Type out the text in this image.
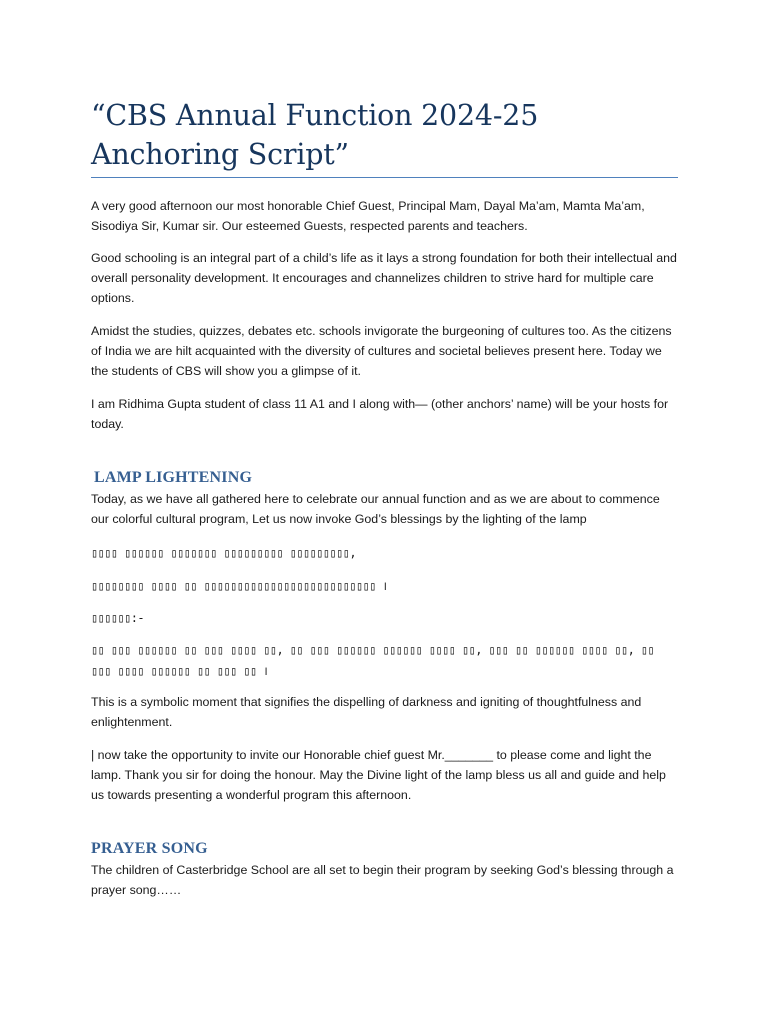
“CBS Annual Function 2024-25
Anchoring Script”

A very good afternoon our most honorable Chief Guest, Principal Mam, Dayal Ma’am, Mamta Ma’am, Sisodiya Sir, Kumar sir. Our esteemed Guests, respected parents and teachers.

Good schooling is an integral part of a child’s life as it lays a strong foundation for both their intellectual and overall personality development. It encourages and channelizes children to strive hard for multiple care options.

Amidst the studies, quizzes, debates etc. schools invigorate the burgeoning of cultures too. As the citizens of India we are hilt acquainted with the diversity of cultures and societal believes present here. Today we the students of CBS will show you a glimpse of it.

I am Ridhima Gupta student of class 11 A1 and I along with— (other anchors’ name) will be your hosts for today.

LAMP LIGHTENING

Today, as we have all gathered here to celebrate our annual function and as we are about to commence our colorful cultural program, Let us now invoke God’s blessings by the lighting of the lamp

▯▯▯▯ ▯▯▯▯▯▯ ▯▯▯▯▯▯▯ ▯▯▯▯▯▯▯▯▯ ▯▯▯▯▯▯▯▯▯,

▯▯▯▯▯▯▯▯ ▯▯▯▯ ▯▯ ▯▯▯▯▯▯▯▯▯▯▯▯▯▯▯▯▯▯▯▯▯▯▯▯▯▯ ।

▯▯▯▯▯▯:-

▯▯ ▯▯▯ ▯▯▯▯▯▯ ▯▯ ▯▯▯ ▯▯▯▯ ▯▯, ▯▯ ▯▯▯ ▯▯▯▯▯▯ ▯▯▯▯▯▯ ▯▯▯▯ ▯▯, ▯▯▯ ▯▯ ▯▯▯▯▯▯ ▯▯▯▯ ▯▯, ▯▯ ▯▯▯ ▯▯▯▯ ▯▯▯▯▯▯ ▯▯ ▯▯▯ ▯▯ ।

This is a symbolic moment that signifies the dispelling of darkness and igniting of thoughtfulness and enlightenment.

| now take the opportunity to invite our Honorable chief guest Mr._______ to please come and light the lamp. Thank you sir for doing the honour. May the Divine light of the lamp bless us all and guide and help us towards presenting a wonderful program this afternoon.

PRAYER SONG

The children of Casterbridge School are all set to begin their program by seeking God’s blessing through a prayer song……
